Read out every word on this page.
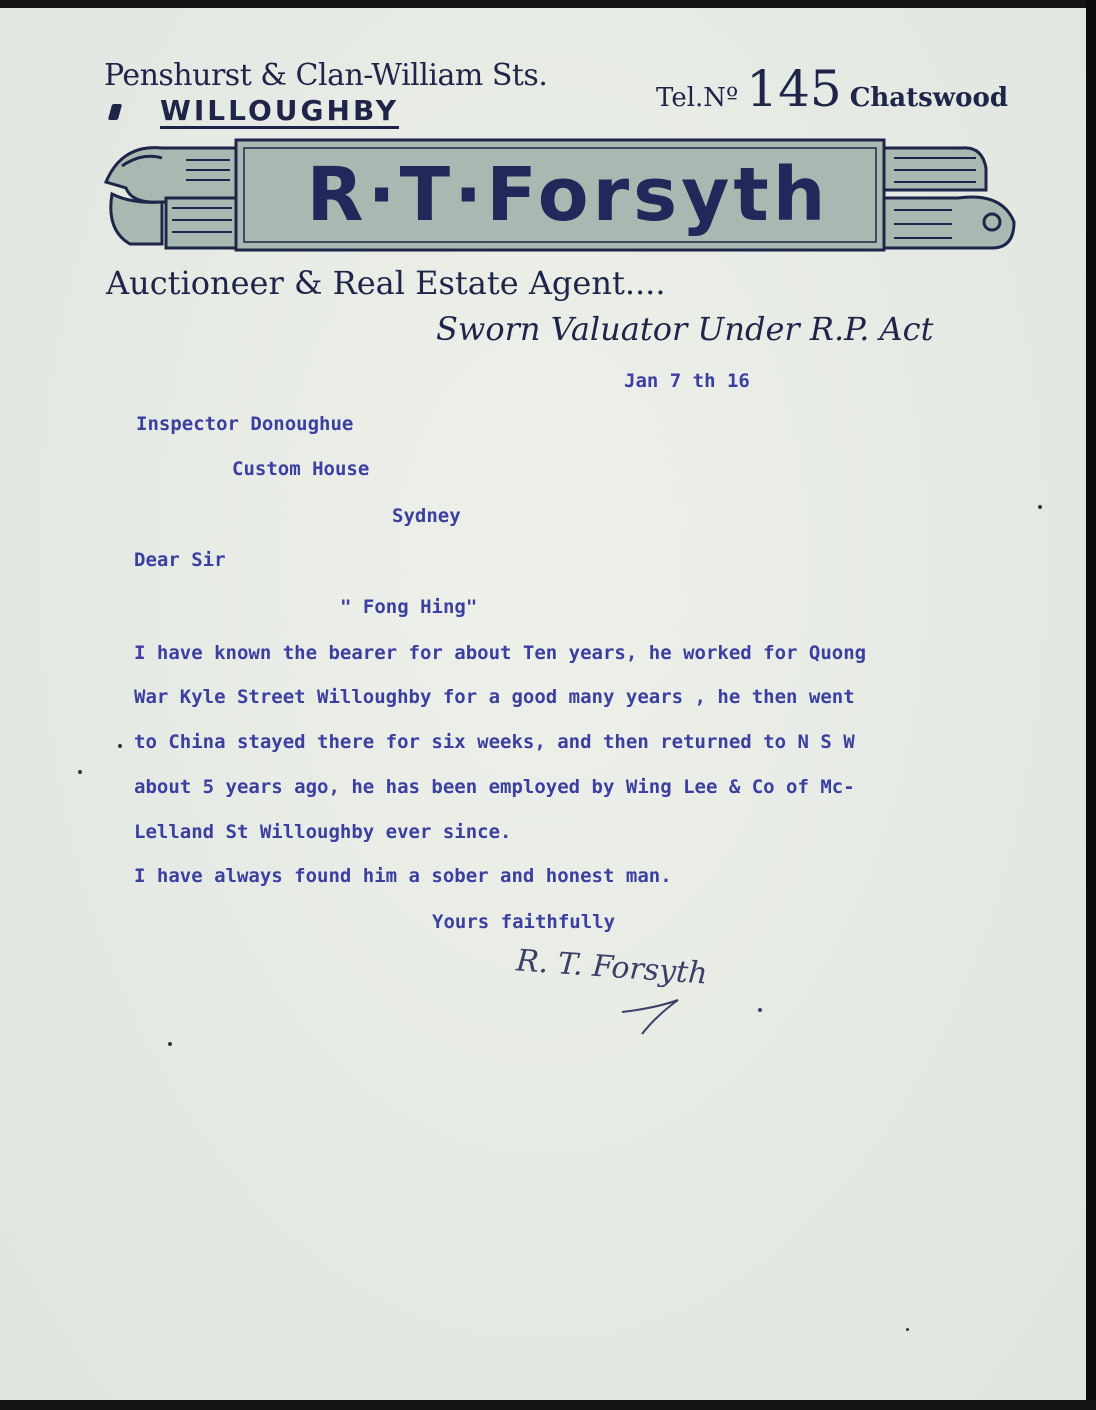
Penshurst & Clan-William Sts.
WILLOUGHBY	Tel.Nº 145 Chatswood
R·T·Forsyth
Auctioneer & Real Estate Agent....
Sworn Valuator Under R.P. Act
Jan 7 th 16
Inspector Donoughue
Custom House
Sydney
Dear Sir
" Fong Hing"
I have known the bearer for about Ten years, he worked for Quong
War Kyle Street Willoughby for a good many years , he then went
to China stayed there for six weeks, and then returned to N S W
about 5 years ago, he has been employed by Wing Lee & Co of Mc-
Lelland St Willoughby ever since.
I have always found him a sober and honest man.
Yours faithfully
R. T. Forsyth
